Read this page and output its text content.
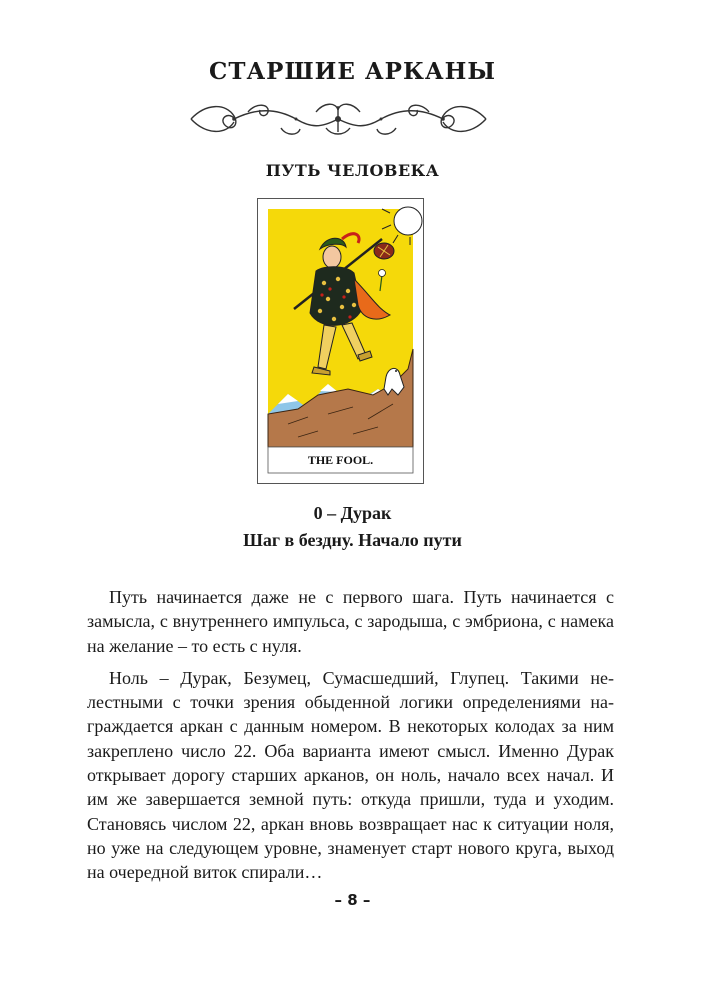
СТАРШИЕ АРКАНЫ
ПУТЬ ЧЕЛОВЕКА
THE FOOL.
0 – Дурак
Шаг в бездну. Начало пути

Путь начинается даже не с первого шага. Путь начинается с замысла, с внутреннего импульса, с зародыша, с эмбриона, с намека на желание – то есть с нуля.

Ноль – Дурак, Безумец, Сумасшедший, Глупец. Такими нелестными с точки зрения обыденной логики определениями награждается аркан с данным номером. В некоторых колодах за ним закреплено число 22. Оба варианта имеют смысл. Именно Дурак открывает дорогу старших арканов, он ноль, начало всех начал. И им же завершается земной путь: откуда пришли, туда и уходим. Становясь числом 22, аркан вновь возвращает нас к ситуации ноля, но уже на следующем уровне, знаменует старт нового круга, выход на очередной виток спирали…

– 8 –
